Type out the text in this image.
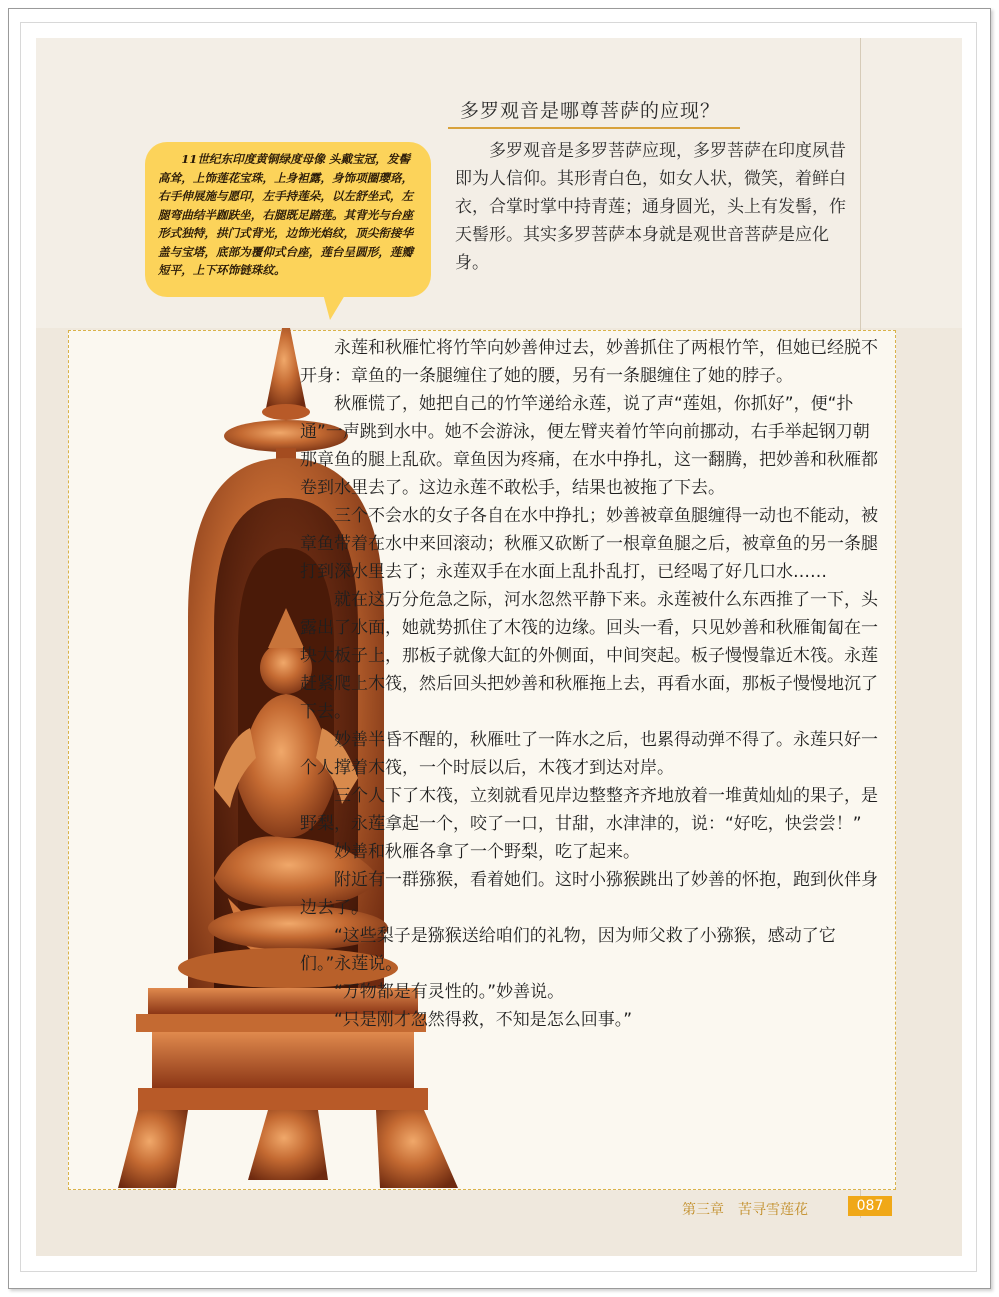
多罗观音是哪尊菩萨的应现？
多罗观音是多罗菩萨应现，多罗菩萨在印度夙昔即为人信仰。其形青白色，如女人状，微笑，着鲜白衣，合掌时掌中持青莲；通身圆光，头上有发髻，作天髻形。其实多罗菩萨本身就是观世音菩萨是应化身。
11世纪东印度黄铜绿度母像 头戴宝冠，发髻高耸，上饰莲花宝珠，上身袒露，身饰项圈璎珞，右手伸展施与愿印，左手持莲朵，以左舒坐式，左腿弯曲结半跏趺坐，右腿既足踏莲。其背光与台座形式独特，拱门式背光，边饰光焰纹，顶尖衔接华盖与宝塔，底部为覆仰式台座，莲台呈圆形，莲瓣短平，上下环饰链珠纹。

永莲和秋雁忙将竹竿向妙善伸过去，妙善抓住了两根竹竿，但她已经脱不开身：章鱼的一条腿缠住了她的腰，另有一条腿缠住了她的脖子。

秋雁慌了，她把自己的竹竿递给永莲，说了声“莲姐，你抓好”，便“扑通”一声跳到水中。她不会游泳，便左臂夹着竹竿向前挪动，右手举起钢刀朝那章鱼的腿上乱砍。章鱼因为疼痛，在水中挣扎，这一翻腾，把妙善和秋雁都卷到水里去了。这边永莲不敢松手，结果也被拖了下去。

三个不会水的女子各自在水中挣扎；妙善被章鱼腿缠得一动也不能动，被章鱼带着在水中来回滚动；秋雁又砍断了一根章鱼腿之后，被章鱼的另一条腿打到深水里去了；永莲双手在水面上乱扑乱打，已经喝了好几口水……

就在这万分危急之际，河水忽然平静下来。永莲被什么东西推了一下，头露出了水面，她就势抓住了木筏的边缘。回头一看，只见妙善和秋雁匍匐在一块大板子上，那板子就像大缸的外侧面，中间突起。板子慢慢靠近木筏。永莲赶紧爬上木筏，然后回头把妙善和秋雁拖上去，再看水面，那板子慢慢地沉了下去。

妙善半昏不醒的，秋雁吐了一阵水之后，也累得动弹不得了。永莲只好一个人撑着木筏，一个时辰以后，木筏才到达对岸。

三个人下了木筏，立刻就看见岸边整整齐齐地放着一堆黄灿灿的果子，是野梨，永莲拿起一个，咬了一口，甘甜，水津津的，说：“好吃，快尝尝！”

妙善和秋雁各拿了一个野梨，吃了起来。

附近有一群猕猴，看着她们。这时小猕猴跳出了妙善的怀抱，跑到伙伴身边去了。

“这些梨子是猕猴送给咱们的礼物，因为师父救了小猕猴，感动了它们。”永莲说。

“万物都是有灵性的。”妙善说。

“只是刚才忽然得救，不知是怎么回事。”

第三章　苦寻雪莲花	087
